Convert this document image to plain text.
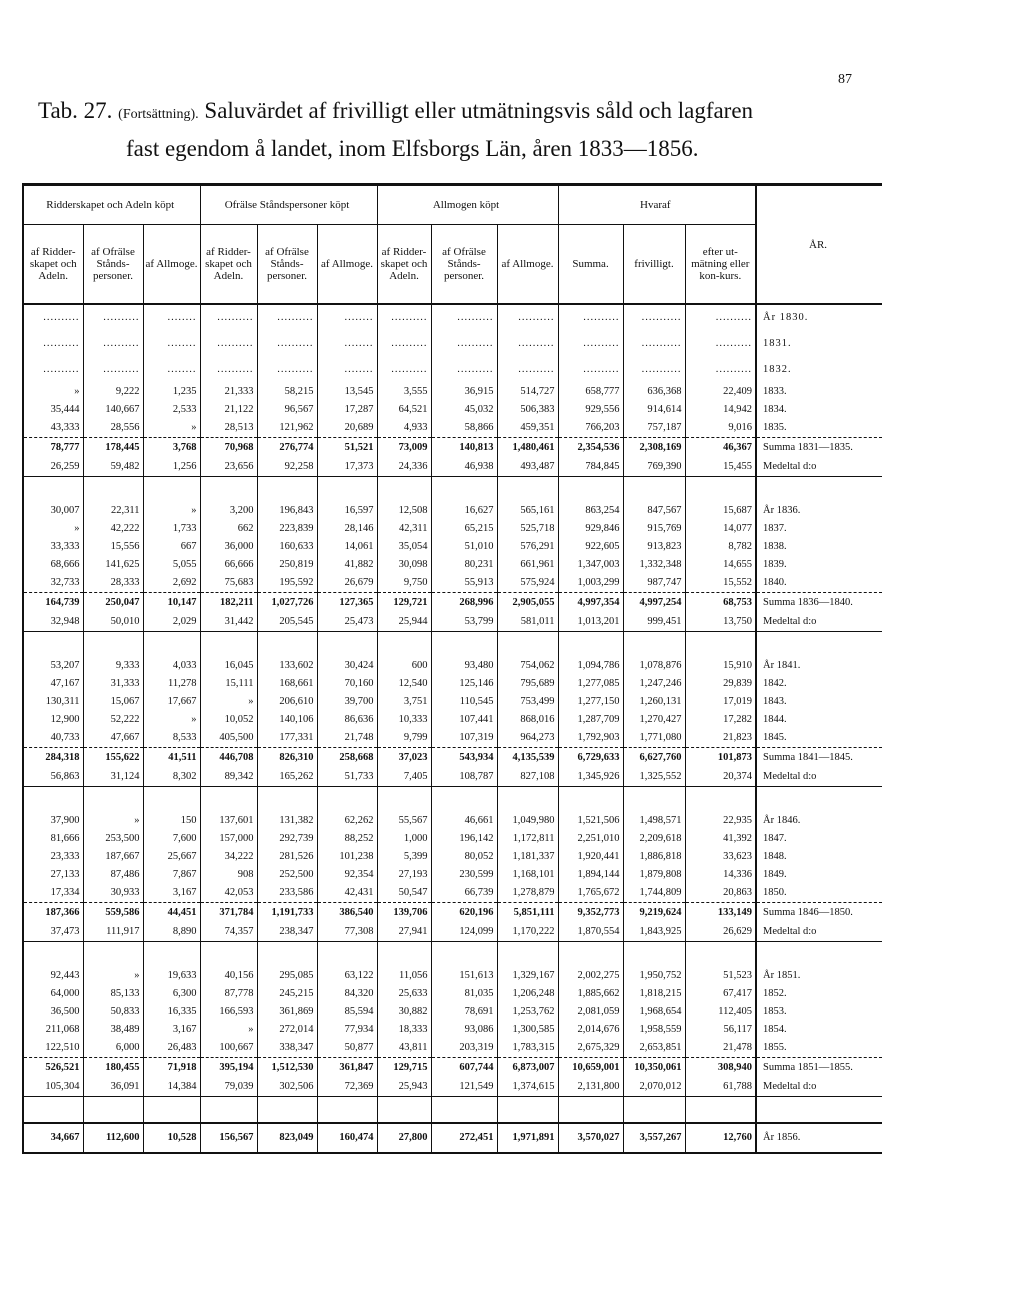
87
Tab. 27. (Fortsättning). Saluvärdet af frivilligt eller utmätningsvis såld och lagfaren
fast egendom å landet, inom Elfsborgs Län, åren 1833—1856.
Ridderskapet och Adeln köpt			Ofrälse Ståndspersoner köpt			Allmogen köpt			Hvaraf			ÅR.
af Ridder-skapet och Adeln.	af Ofrälse Stånds-personer.	af Allmoge.	af Ridder-skapet och Adeln.	af Ofrälse Stånds-personer.	af Allmoge.	af Ridder-skapet och Adeln.	af Ofrälse Stånds-personer.	af Allmoge.	Summa.	frivilligt.	efter ut-mätning eller kon-kurs.	
..........	..........	........	..........	..........	........	..........	..........	..........	..........	...........	..........	År 1830.
..........	..........	........	..........	..........	........	..........	..........	..........	..........	...........	..........	1831.
..........	..........	........	..........	..........	........	..........	..........	..........	..........	...........	..........	1832.
»	9,222	1,235	21,333	58,215	13,545	3,555	36,915	514,727	658,777	636,368	22,409	1833.
35,444	140,667	2,533	21,122	96,567	17,287	64,521	45,032	506,383	929,556	914,614	14,942	1834.
43,333	28,556	»	28,513	121,962	20,689	4,933	58,866	459,351	766,203	757,187	9,016	1835.
78,777	178,445	3,768	70,968	276,774	51,521	73,009	140,813	1,480,461	2,354,536	2,308,169	46,367	Summa 1831—1835.
26,259	59,482	1,256	23,656	92,258	17,373	24,336	46,938	493,487	784,845	769,390	15,455	Medeltal d:o

30,007	22,311	»	3,200	196,843	16,597	12,508	16,627	565,161	863,254	847,567	15,687	År 1836.
»	42,222	1,733	662	223,839	28,146	42,311	65,215	525,718	929,846	915,769	14,077	1837.
33,333	15,556	667	36,000	160,633	14,061	35,054	51,010	576,291	922,605	913,823	8,782	1838.
68,666	141,625	5,055	66,666	250,819	41,882	30,098	80,231	661,961	1,347,003	1,332,348	14,655	1839.
32,733	28,333	2,692	75,683	195,592	26,679	9,750	55,913	575,924	1,003,299	987,747	15,552	1840.
164,739	250,047	10,147	182,211	1,027,726	127,365	129,721	268,996	2,905,055	4,997,354	4,997,254	68,753	Summa 1836—1840.
32,948	50,010	2,029	31,442	205,545	25,473	25,944	53,799	581,011	1,013,201	999,451	13,750	Medeltal d:o

53,207	9,333	4,033	16,045	133,602	30,424	600	93,480	754,062	1,094,786	1,078,876	15,910	År 1841.
47,167	31,333	11,278	15,111	168,661	70,160	12,540	125,146	795,689	1,277,085	1,247,246	29,839	1842.
130,311	15,067	17,667	»	206,610	39,700	3,751	110,545	753,499	1,277,150	1,260,131	17,019	1843.
12,900	52,222	»	10,052	140,106	86,636	10,333	107,441	868,016	1,287,709	1,270,427	17,282	1844.
40,733	47,667	8,533	405,500	177,331	21,748	9,799	107,319	964,273	1,792,903	1,771,080	21,823	1845.
284,318	155,622	41,511	446,708	826,310	258,668	37,023	543,934	4,135,539	6,729,633	6,627,760	101,873	Summa 1841—1845.
56,863	31,124	8,302	89,342	165,262	51,733	7,405	108,787	827,108	1,345,926	1,325,552	20,374	Medeltal d:o

37,900	»	150	137,601	131,382	62,262	55,567	46,661	1,049,980	1,521,506	1,498,571	22,935	År 1846.
81,666	253,500	7,600	157,000	292,739	88,252	1,000	196,142	1,172,811	2,251,010	2,209,618	41,392	1847.
23,333	187,667	25,667	34,222	281,526	101,238	5,399	80,052	1,181,337	1,920,441	1,886,818	33,623	1848.
27,133	87,486	7,867	908	252,500	92,354	27,193	230,599	1,168,101	1,894,144	1,879,808	14,336	1849.
17,334	30,933	3,167	42,053	233,586	42,431	50,547	66,739	1,278,879	1,765,672	1,744,809	20,863	1850.
187,366	559,586	44,451	371,784	1,191,733	386,540	139,706	620,196	5,851,111	9,352,773	9,219,624	133,149	Summa 1846—1850.
37,473	111,917	8,890	74,357	238,347	77,308	27,941	124,099	1,170,222	1,870,554	1,843,925	26,629	Medeltal d:o

92,443	»	19,633	40,156	295,085	63,122	11,056	151,613	1,329,167	2,002,275	1,950,752	51,523	År 1851.
64,000	85,133	6,300	87,778	245,215	84,320	25,633	81,035	1,206,248	1,885,662	1,818,215	67,417	1852.
36,500	50,833	16,335	166,593	361,869	85,594	30,882	78,691	1,253,762	2,081,059	1,968,654	112,405	1853.
211,068	38,489	3,167	»	272,014	77,934	18,333	93,086	1,300,585	2,014,676	1,958,559	56,117	1854.
122,510	6,000	26,483	100,667	338,347	50,877	43,811	203,319	1,783,315	2,675,329	2,653,851	21,478	1855.
526,521	180,455	71,918	395,194	1,512,530	361,847	129,715	607,744	6,873,007	10,659,001	10,350,061	308,940	Summa 1851—1855.
105,304	36,091	14,384	79,039	302,506	72,369	25,943	121,549	1,374,615	2,131,800	2,070,012	61,788	Medeltal d:o

34,667	112,600	10,528	156,567	823,049	160,474	27,800	272,451	1,971,891	3,570,027	3,557,267	12,760	År 1856.
